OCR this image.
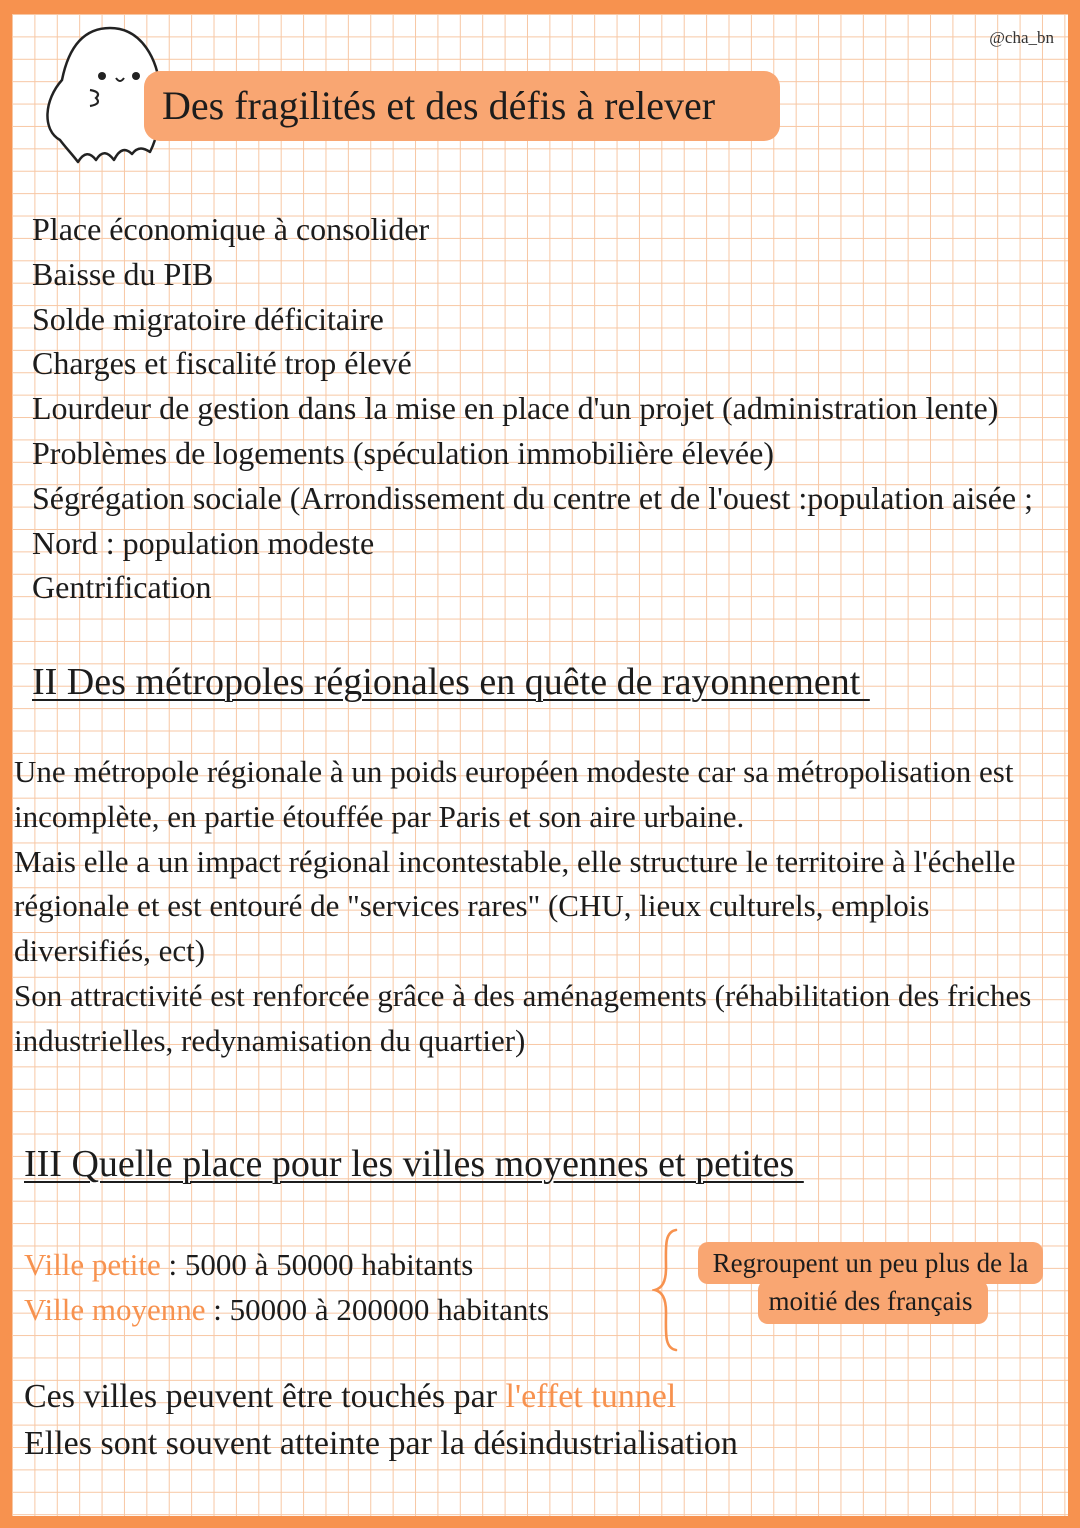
Des fragilités et des défis à relever
@cha_bn
Place économique à consolider
Baisse du PIB
Solde migratoire déficitaire
Charges et fiscalité trop élevé
Lourdeur de gestion dans la mise en place d'un projet (administration lente)
Problèmes de logements (spéculation immobilière élevée)
Ségrégation sociale (Arrondissement du centre et de l'ouest :population aisée ; Nord : population modeste
Gentrification
II Des métropoles régionales en quête de rayonnement

Une métropole régionale à un poids européen modeste car sa métropolisation est incomplète, en partie étouffée par Paris et son aire urbaine.

Mais elle a un impact régional incontestable, elle structure le territoire à l'échelle régionale et est entouré de "services rares" (CHU, lieux culturels, emplois diversifiés, ect)

Son attractivité est renforcée grâce à des aménagements (réhabilitation des friches industrielles, redynamisation du quartier)

III Quelle place pour les villes moyennes et petites
Ville petite : 5000 à 50000 habitants
Ville moyenne : 50000 à 200000 habitants
Regroupent un peu plus de la
moitié des français
Ces villes peuvent être touchés par l'effet tunnel
Elles sont souvent atteinte par la désindustrialisation
